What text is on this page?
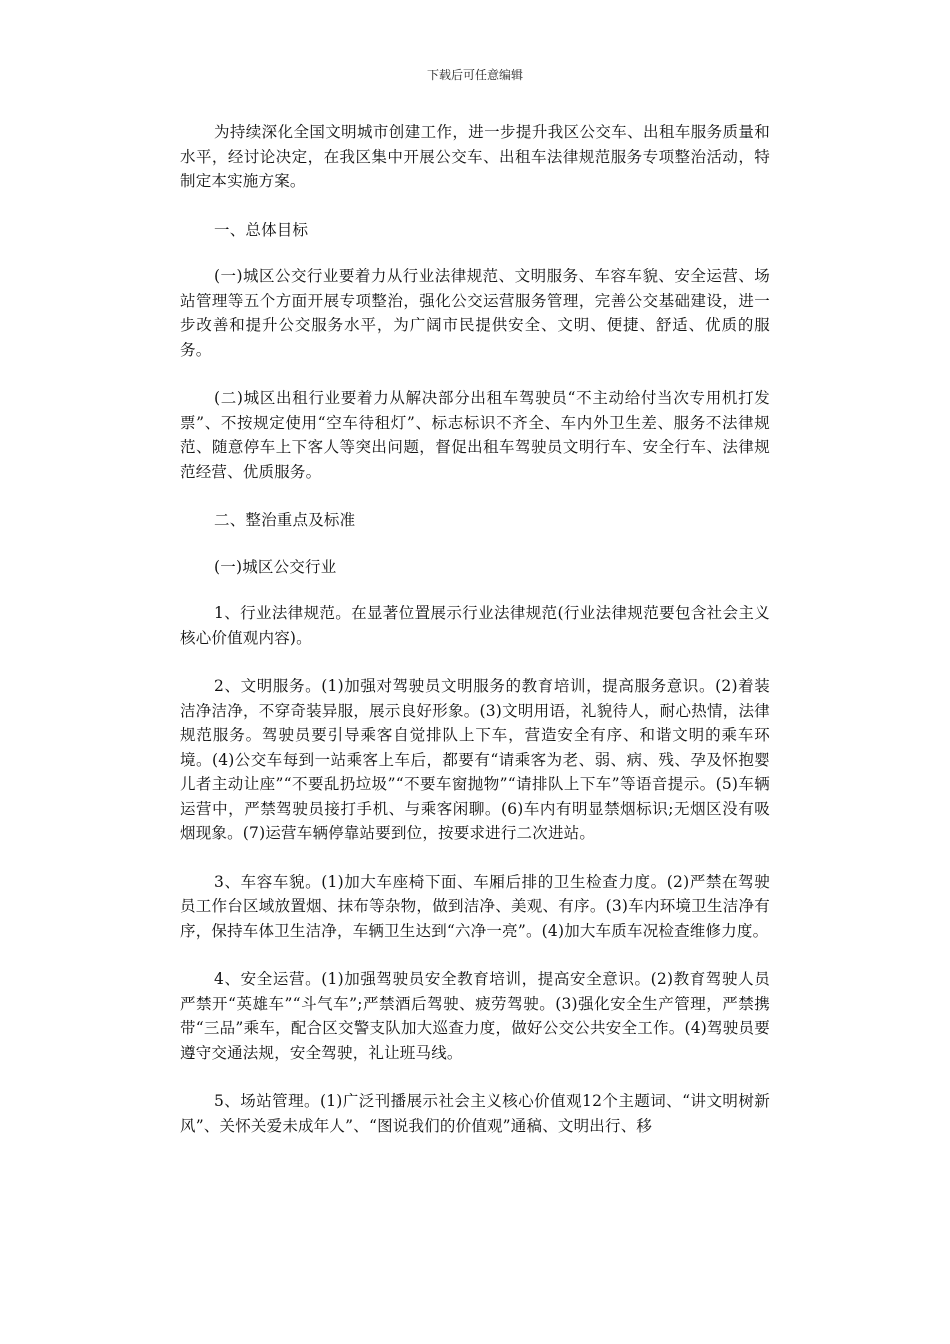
下载后可任意编辑

为持续深化全国文明城市创建工作，进一步提升我区公交车、出租车服务质量和水平，经讨论决定，在我区集中开展公交车、出租车法律规范服务专项整治活动，特制定本实施方案。

一、总体目标

(一)城区公交行业要着力从行业法律规范、文明服务、车容车貌、安全运营、场站管理等五个方面开展专项整治，强化公交运营服务管理，完善公交基础建设，进一步改善和提升公交服务水平，为广阔市民提供安全、文明、便捷、舒适、优质的服务。

(二)城区出租行业要着力从解决部分出租车驾驶员“不主动给付当次专用机打发票”、不按规定使用“空车待租灯”、标志标识不齐全、车内外卫生差、服务不法律规范、随意停车上下客人等突出问题，督促出租车驾驶员文明行车、安全行车、法律规范经营、优质服务。

二、整治重点及标准

(一)城区公交行业

1、行业法律规范。在显著位置展示行业法律规范(行业法律规范要包含社会主义核心价值观内容)。

2、文明服务。(1)加强对驾驶员文明服务的教育培训，提高服务意识。(2)着装洁净洁净，不穿奇装异服，展示良好形象。(3)文明用语，礼貌待人，耐心热情，法律规范服务。驾驶员要引导乘客自觉排队上下车，营造安全有序、和谐文明的乘车环境。(4)公交车每到一站乘客上车后，都要有“请乘客为老、弱、病、残、孕及怀抱婴儿者主动让座”“不要乱扔垃圾”“不要车窗抛物”“请排队上下车”等语音提示。(5)车辆运营中，严禁驾驶员接打手机、与乘客闲聊。(6)车内有明显禁烟标识;无烟区没有吸烟现象。(7)运营车辆停靠站要到位，按要求进行二次进站。

3、车容车貌。(1)加大车座椅下面、车厢后排的卫生检查力度。(2)严禁在驾驶员工作台区域放置烟、抹布等杂物，做到洁净、美观、有序。(3)车内环境卫生洁净有序，保持车体卫生洁净，车辆卫生达到“六净一亮”。(4)加大车质车况检查维修力度。

4、安全运营。(1)加强驾驶员安全教育培训，提高安全意识。(2)教育驾驶人员严禁开“英雄车”“斗气车”;严禁酒后驾驶、疲劳驾驶。(3)强化安全生产管理，严禁携带“三品”乘车，配合区交警支队加大巡查力度，做好公交公共安全工作。(4)驾驶员要遵守交通法规，安全驾驶，礼让班马线。

5、场站管理。(1)广泛刊播展示社会主义核心价值观12个主题词、“讲文明树新风”、关怀关爱未成年人”、“图说我们的价值观”通稿、文明出行、移
